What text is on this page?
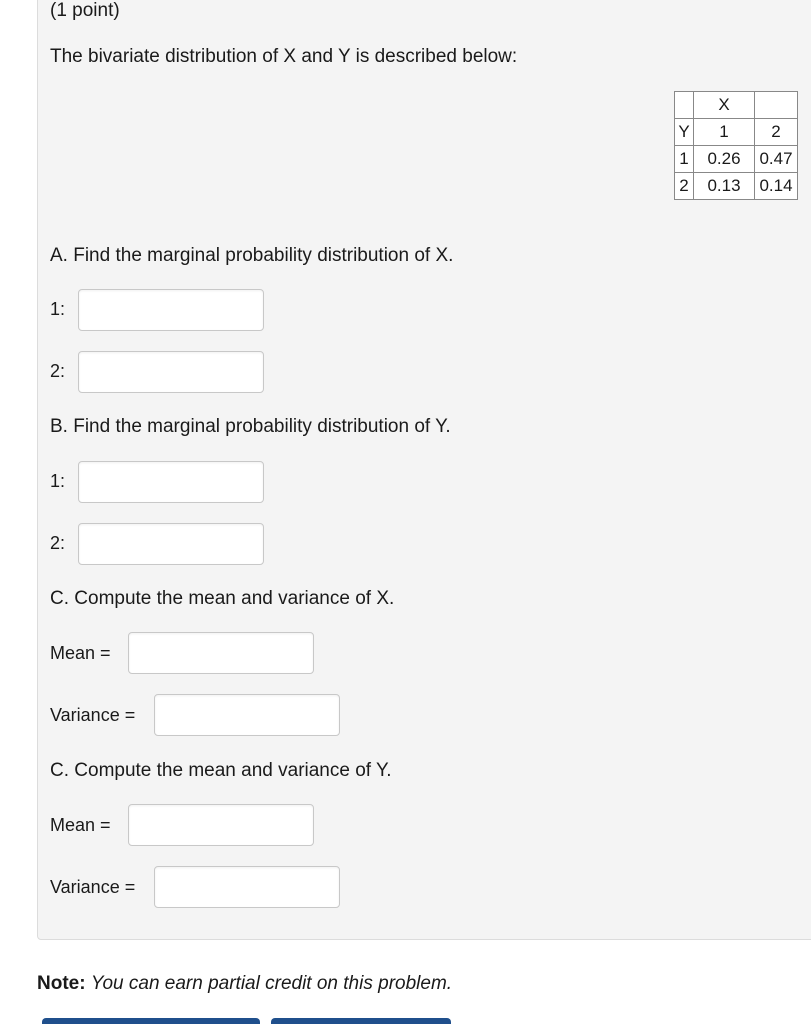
(1 point)
The bivariate distribution of X and Y is described below:
	X	
Y	1	2
1	0.26	0.47
2	0.13	0.14
A. Find the marginal probability distribution of X.
1:
2:
B. Find the marginal probability distribution of Y.
1:
2:
C. Compute the mean and variance of X.
Mean =
Variance =
C. Compute the mean and variance of Y.
Mean =
Variance =
Note: You can earn partial credit on this problem.
